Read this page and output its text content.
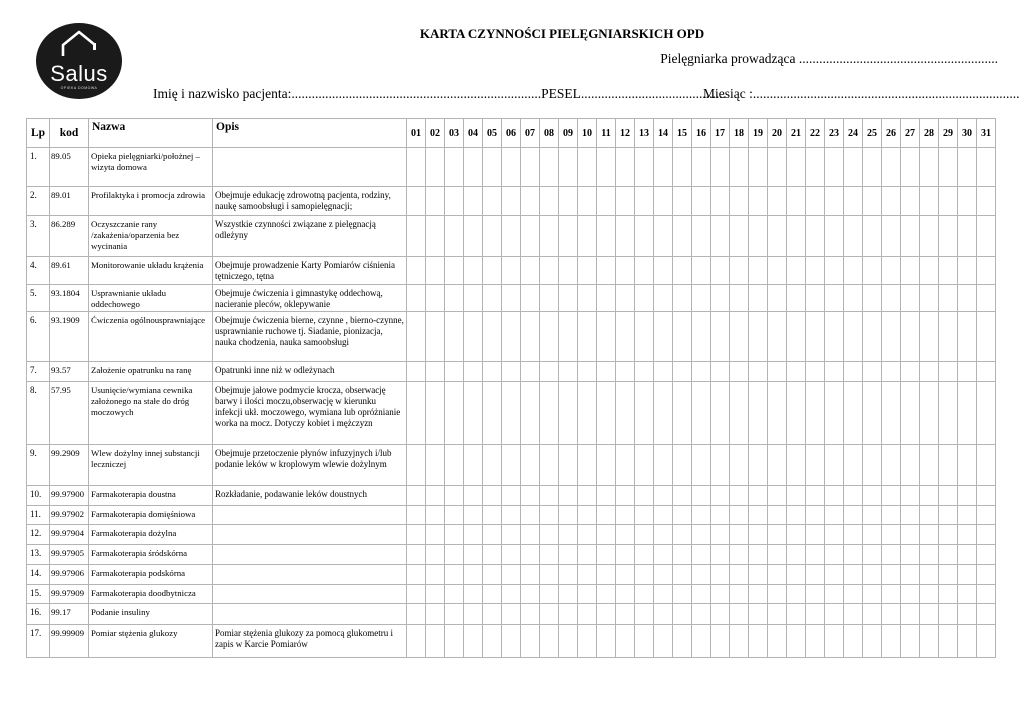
Salus
OPIEKA DOMOWA
KARTA CZYNNOŚCI PIELĘGNIARSKICH OPD
Pielęgniarka prowadząca ...........................................................
Imię i nazwisko pacjenta:..........................................................................PESEL...........................................
Miesiąc :...............................................................................
Lp	kod	Nazwa	Opis	01	02	03	04	05	06	07	08	09	10	11	12	13	14	15	16	17	18	19	20	21	22	23	24	25	26	27	28	29	30	31
1.	89.05	Opieka pielęgniarki/położnej –wizyta domowa																																
2.	89.01	Profilaktyka i promocja zdrowia	Obejmuje edukację zdrowotną pacjenta, rodziny, naukę samoobsługi i samopielęgnacji;																															
3.	86.289	Oczyszczanie rany /zakażenia/oparzenia bez wycinania	Wszystkie czynności związane z pielęgnacją odleżyny																															
4.	89.61	Monitorowanie układu krążenia	Obejmuje prowadzenie Karty Pomiarów ciśnienia tętniczego, tętna																															
5.	93.1804	Usprawnianie układu oddechowego	Obejmuje ćwiczenia i gimnastykę oddechową, nacieranie pleców, oklepywanie																															
6.	93.1909	Ćwiczenia ogólnousprawniające	Obejmuje ćwiczenia bierne, czynne , bierno-czynne, usprawnianie ruchowe tj. Siadanie, pionizacja, nauka chodzenia, nauka samoobsługi																															
7.	93.57	Założenie opatrunku na ranę	Opatrunki inne niż w odleżynach																															
8.	57.95	Usunięcie/wymiana cewnika założonego na stałe do dróg moczowych	Obejmuje jałowe podmycie krocza, obserwację barwy i ilości moczu,obserwację w kierunku infekcji ukł. moczowego, wymiana lub opróżnianie worka na mocz. Dotyczy kobiet i mężczyzn																															
9.	99.2909	Wlew dożylny innej substancji leczniczej	Obejmuje przetoczenie płynów infuzyjnych i/lub podanie leków w kroplowym wlewie dożylnym																															
10.	99.97900	Farmakoterapia doustna	Rozkładanie, podawanie leków doustnych																															
11.	99.97902	Farmakoterapia domięśniowa																																
12.	99.97904	Farmakoterapia dożylna																																
13.	99.97905	Farmakoterapia śródskórna																																
14.	99.97906	Farmakoterapia podskórna																																
15.	99.97909	Farmakoterapia doodbytnicza																																
16.	99.17	Podanie insuliny																																
17.	99.99909	Pomiar stężenia glukozy	Pomiar stężenia glukozy za pomocą glukometru i zapis w Karcie Pomiarów																															
